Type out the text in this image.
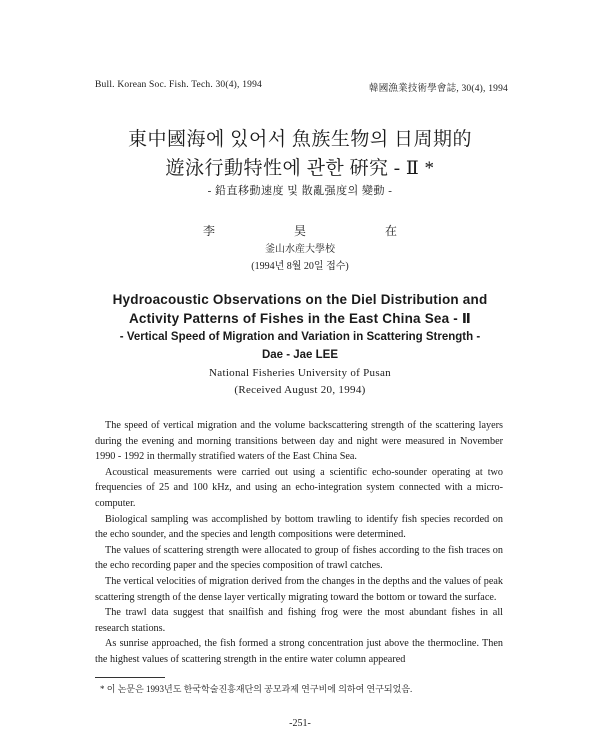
Bull. Korean Soc. Fish. Tech. 30(4), 1994	韓國漁業技術學會誌, 30(4), 1994
東中國海에 있어서 魚族生物의 日周期的
遊泳行動特性에 관한 硏究 - Ⅱ *
- 鉛直移動速度 및 散亂强度의 變動 -
李 昊 在
釜山水産大學校
(1994년 8월 20일 접수)
Hydroacoustic Observations on the Diel Distribution and
Activity Patterns of Fishes in the East China Sea - Ⅱ
- Vertical Speed of Migration and Variation in Scattering Strength -
Dae - Jae LEE
National Fisheries University of Pusan
(Received August 20, 1994)

The speed of vertical migration and the volume backscattering strength of the scattering layers during the evening and morning transitions between day and night were measured in November 1990 - 1992 in thermally stratified waters of the East China Sea.

Acoustical measurements were carried out using a scientific echo-sounder operating at two frequencies of 25 and 100 kHz, and using an echo-integration system connected with a micro-computer.

Biological sampling was accomplished by bottom trawling to identify fish species recorded on the echo sounder, and the species and length compositions were determined.

The values of scattering strength were allocated to group of fishes according to the fish traces on the echo recording paper and the species composition of trawl catches.

The vertical velocities of migration derived from the changes in the depths and the values of peak scattering strength of the dense layer vertically migrating toward the bottom or toward the surface.

The trawl data suggest that snailfish and fishing frog were the most abundant fishes in all research stations.

As sunrise approached, the fish formed a strong concentration just above the thermocline. Then the highest values of scattering strength in the entire water column appeared

* 이 논문은 1993년도 한국학술진흥재단의 공모과제 연구비에 의하여 연구되었음.
-251-
